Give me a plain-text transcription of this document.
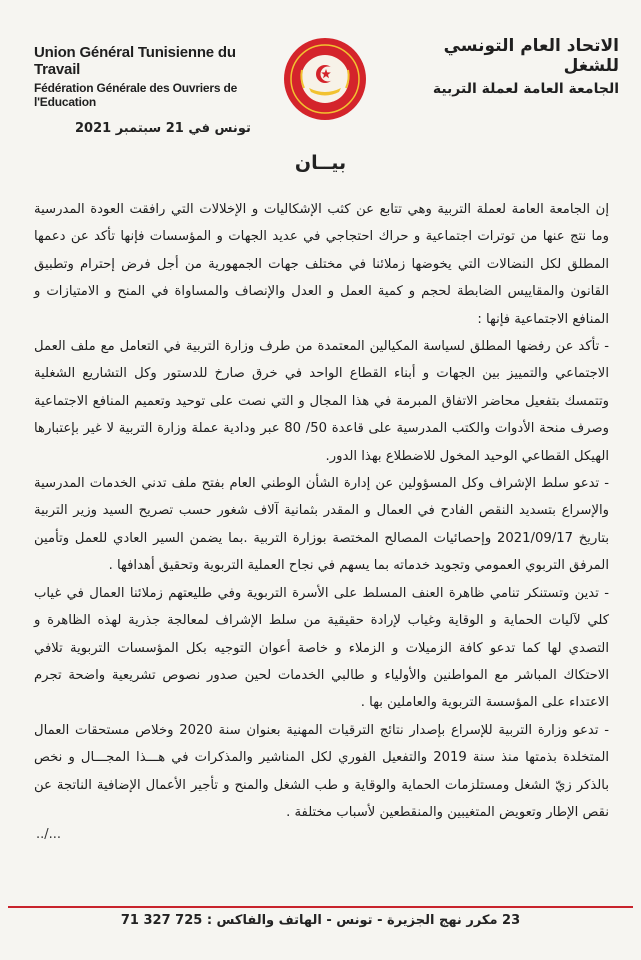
Union Général Tunisienne du Travail
Fédération Générale des Ouvriers de l'Education
الاتحاد العام التونسي للشغل
الجامعة العامة لعملة التربية
تونس في 21 سبتمبر 2021
بيــان

إن الجامعة العامة لعملة التربية وهي تتابع عن كثب الإشكاليات و الإخلالات التي رافقت العودة المدرسية وما نتج عنها من توترات اجتماعية و حراك احتجاجي في عديد الجهات و المؤسسات فإنها تأكد عن دعمها المطلق لكل النضالات التي يخوضها زملائنا في مختلف جهات الجمهورية من أجل فرض إحترام وتطبيق القانون والمقاييس الضابطة لحجم و كمية العمل و العدل والإنصاف والمساواة في المنح و الامتيازات و المنافع الاجتماعية فإنها :

- تأكد عن رفضها المطلق لسياسة المكيالين المعتمدة من طرف وزارة التربية في التعامل مع ملف العمل الاجتماعي والتمييز بين الجهات و أبناء القطاع الواحد في خرق صارخ للدستور وكل التشاريع الشغلية وتتمسك بتفعيل محاضر الاتفاق المبرمة في هذا المجال و التي نصت على توحيد وتعميم المنافع الاجتماعية وصرف منحة الأدوات والكتب المدرسية على قاعدة 50/ 80 عبر ودادية عملة وزارة التربية لا غير بإعتبارها الهيكل القطاعي الوحيد المخول للاضطلاع بهذا الدور.

- تدعو سلط الإشراف وكل المسؤولين عن إدارة الشأن الوطني العام بفتح ملف تدني الخدمات المدرسية والإسراع بتسديد النقص الفادح في العمال و المقدر بثمانية آلاف شغور حسب تصريح السيد وزير التربية بتاريخ 2021/09/17 وإحصائيات المصالح المختصة بوزارة التربية .بما يضمن السير العادي للعمل وتأمين المرفق التربوي العمومي وتجويد خدماته بما يسهم في نجاح العملية التربوية وتحقيق أهدافها .

- تدين وتستنكر تنامي ظاهرة العنف المسلط على الأسرة التربوية وفي طليعتهم زملائنا العمال في غياب كلي لآليات الحماية و الوقاية وغياب لإرادة حقيقية من سلط الإشراف لمعالجة جذرية لهذه الظاهرة و التصدي لها كما تدعو كافة الزميلات و الزملاء و خاصة أعوان التوجيه بكل المؤسسات التربوية تلافي الاحتكاك المباشر مع المواطنين والأولياء و طالبي الخدمات لحين صدور نصوص تشريعية واضحة تجرم الاعتداء على المؤسسة التربوية والعاملين بها .

- تدعو وزارة التربية للإسراع بإصدار نتائج الترقيات المهنية بعنوان سنة 2020 وخلاص مستحقات العمال المتخلدة بذمتها منذ سنة 2019 والتفعيل الفوري لكل المناشير والمذكرات في هـــذا المجـــال و نخص بالذكر زيّ الشغل ومستلزمات الحماية والوقاية و طب الشغل والمنح و تأجير الأعمال الإضافية الناتجة عن نقص الإطار وتعويض المتغيبين والمنقطعين لأسباب مختلفة .

../...
23 مكرر نهج الجزيرة - تونس - الهاتف والفاكس : 725 327 71
